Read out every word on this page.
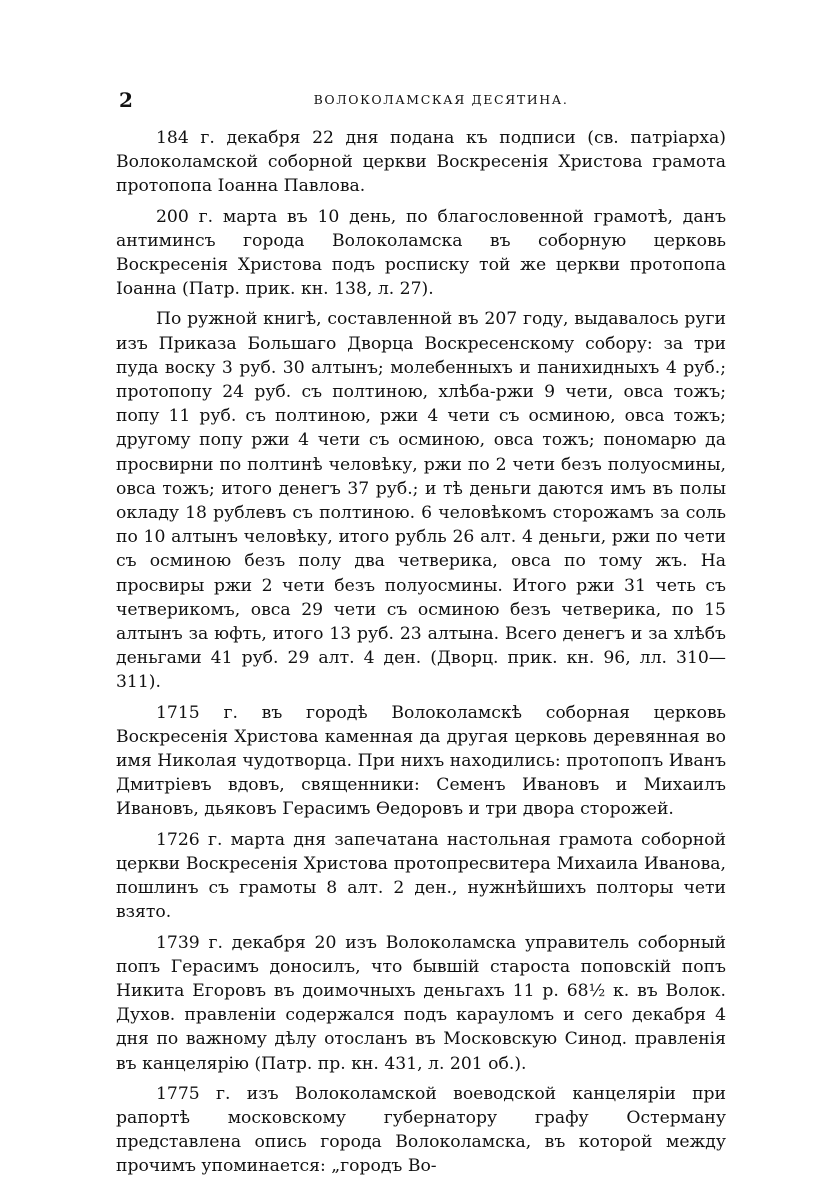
2	ВОЛОКОЛАМСКАЯ ДЕСЯТИНА.

184 г. декабря 22 дня подана къ подписи (св. патріарха) Волоколамской соборной церкви Воскресенія Христова грамота протопопа Іоанна Павлова.

200 г. марта въ 10 день, по благословенной грамотѣ, данъ антиминсъ города Волоколамска въ соборную церковь Воскресенія Христова подъ росписку той же церкви протопопа Іоанна (Патр. прик. кн. 138, л. 27).

По ружной книгѣ, составленной въ 207 году, выдавалось руги изъ Приказа Большаго Дворца Воскресенскому собору: за три пуда воску 3 руб. 30 алтынъ; молебенныхъ и панихидныхъ 4 руб.; протопопу 24 руб. съ полтиною, хлѣба-ржи 9 чети, овса тожъ; попу 11 руб. съ полтиною, ржи 4 чети съ осминою, овса тожъ; другому попу ржи 4 чети съ осминою, овса тожъ; пономарю да просвирни по полтинѣ человѣку, ржи по 2 чети безъ полуосмины, овса тожъ; итого денегъ 37 руб.; и тѣ деньги даются имъ въ полы окладу 18 рублевъ съ полтиною. 6 человѣкомъ сторожамъ за соль по 10 алтынъ человѣку, итого рубль 26 алт. 4 деньги, ржи по чети съ осминою безъ полу два четверика, овса по тому жъ. На просвиры ржи 2 чети безъ полуосмины. Итого ржи 31 четь съ четверикомъ, овса 29 чети съ осминою безъ четверика, по 15 алтынъ за юфть, итого 13 руб. 23 алтына. Всего денегъ и за хлѣбъ деньгами 41 руб. 29 алт. 4 ден. (Дворц. прик. кн. 96, лл. 310—311).

1715 г. въ городѣ Волоколамскѣ соборная церковь Воскресенія Христова каменная да другая церковь деревянная во имя Николая чудотворца. При нихъ находились: протопопъ Иванъ Дмитріевъ вдовъ, священники: Семенъ Ивановъ и Михаилъ Ивановъ, дьяковъ Герасимъ Өедоровъ и три двора сторожей.

1726 г. марта дня запечатана настольная грамота соборной церкви Воскресенія Христова протопресвитера Михаила Иванова, пошлинъ съ грамоты 8 алт. 2 ден., нужнѣйшихъ полторы чети взято.

1739 г. декабря 20 изъ Волоколамска управитель соборный попъ Герасимъ доносилъ, что бывшій староста поповскій попъ Никита Егоровъ въ доимочныхъ деньгахъ 11 р. 68½ к. въ Волок. Духов. правленіи содержался подъ карауломъ и сего декабря 4 дня по важному дѣлу отосланъ въ Московскую Синод. правленія въ канцелярію (Патр. пр. кн. 431, л. 201 об.).

1775 г. изъ Волоколамской воеводской канцеляріи при рапортѣ московскому губернатору графу Остерману представлена опись города Волоколамска, въ которой между прочимъ упоминается: „городъ Во-
